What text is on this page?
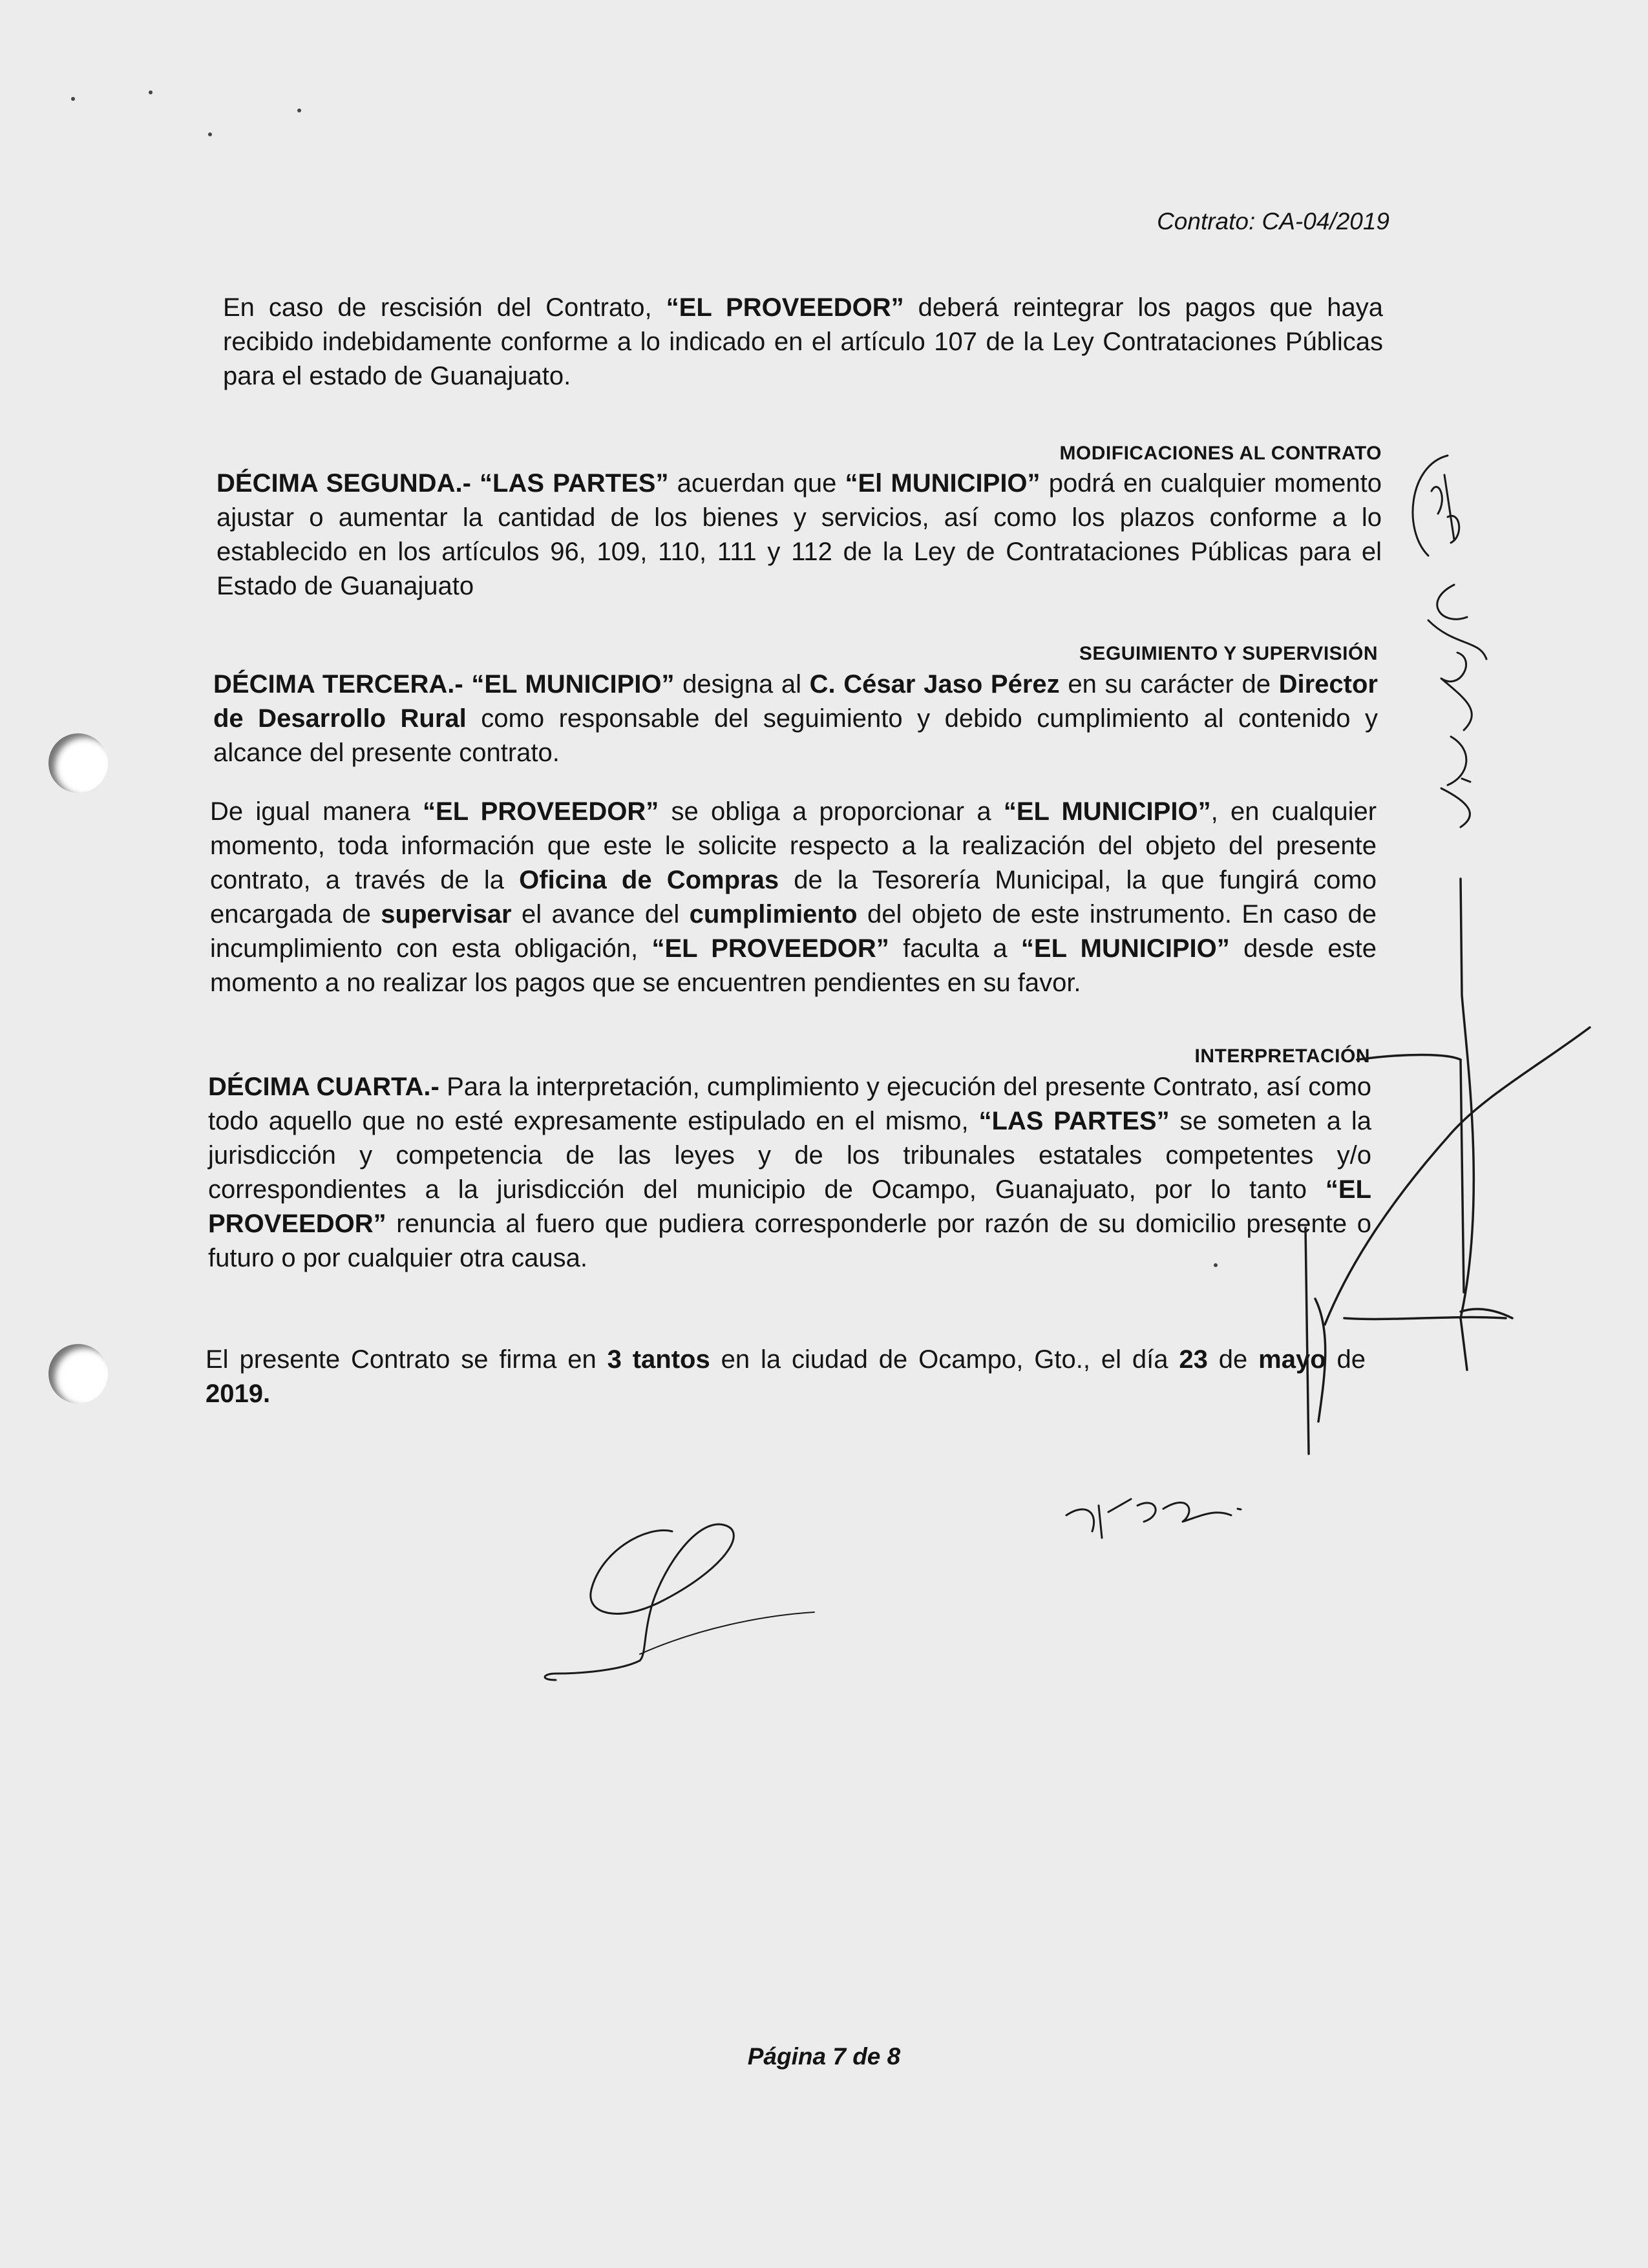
Contrato: CA-04/2019

En caso de rescisión del Contrato, “EL PROVEEDOR” deberá reintegrar los pagos que haya recibido indebidamente conforme a lo indicado en el artículo 107 de la Ley Contrataciones Públicas para el estado de Guanajuato.

MODIFICACIONES AL CONTRATO

DÉCIMA SEGUNDA.- “LAS PARTES” acuerdan que “El MUNICIPIO” podrá en cualquier momento ajustar o aumentar la cantidad de los bienes y servicios, así como los plazos conforme a lo establecido en los artículos 96, 109, 110, 111 y 112 de la Ley de Contrataciones Públicas para el Estado de Guanajuato

SEGUIMIENTO Y SUPERVISIÓN

DÉCIMA TERCERA.- “EL MUNICIPIO” designa al C. César Jaso Pérez en su carácter de Director de Desarrollo Rural como responsable del seguimiento y debido cumplimiento al contenido y alcance del presente contrato.

De igual manera “EL PROVEEDOR” se obliga a proporcionar a “EL MUNICIPIO”, en cualquier momento, toda información que este le solicite respecto a la realización del objeto del presente contrato, a través de la Oficina de Compras de la Tesorería Municipal, la que fungirá como encargada de supervisar el avance del cumplimiento del objeto de este instrumento. En caso de incumplimiento con esta obligación, “EL PROVEEDOR” faculta a “EL MUNICIPIO” desde este momento a no realizar los pagos que se encuentren pendientes en su favor.

INTERPRETACIÓN

DÉCIMA CUARTA.- Para la interpretación, cumplimiento y ejecución del presente Contrato, así como todo aquello que no esté expresamente estipulado en el mismo, “LAS PARTES” se someten a la jurisdicción y competencia de las leyes y de los tribunales estatales competentes y/o correspondientes a la jurisdicción del municipio de Ocampo, Guanajuato, por lo tanto “EL PROVEEDOR” renuncia al fuero que pudiera corresponderle por razón de su domicilio presente o futuro o por cualquier otra causa.

El presente Contrato se firma en 3 tantos en la ciudad de Ocampo, Gto., el día 23 de mayo de 2019.

Página 7 de 8
